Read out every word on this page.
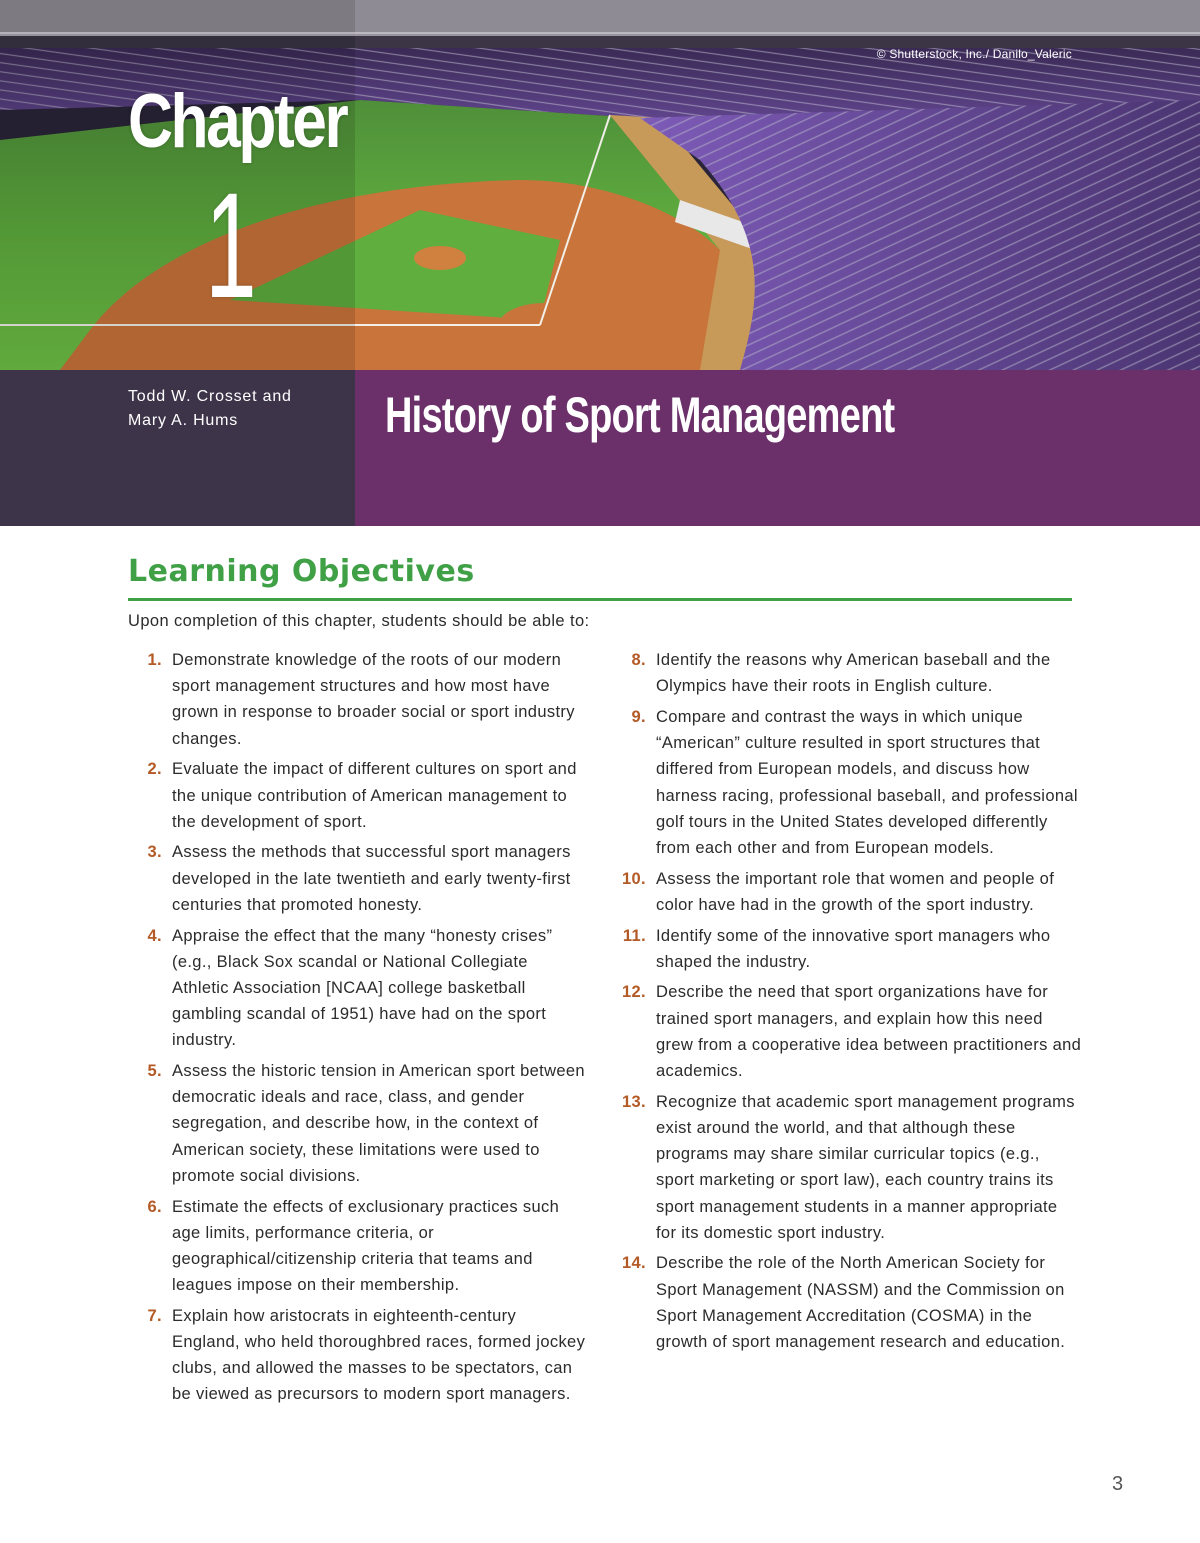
© Shutterstock, Inc./ Danilo_Valeric
Chapter
1
Todd W. Crosset and
Mary A. Hums	History of Sport Management
Learning Objectives

Upon completion of this chapter, students should be able to:

1. Demonstrate knowledge of the roots of our modern sport management structures and how most have grown in response to broader social or sport industry changes.
2. Evaluate the impact of different cultures on sport and the unique contribution of American management to the development of sport.
3. Assess the methods that successful sport managers developed in the late twentieth and early twenty-first centuries that promoted honesty.
4. Appraise the effect that the many “honesty crises” (e.g., Black Sox scandal or National Collegiate Athletic Association [NCAA] college basketball gambling scandal of 1951) have had on the sport industry.
5. Assess the historic tension in American sport between democratic ideals and race, class, and gender segregation, and describe how, in the context of American society, these limitations were used to promote social divisions.
6. Estimate the effects of exclusionary practices such age limits, performance criteria, or geographical/citizenship criteria that teams and leagues impose on their membership.
7. Explain how aristocrats in eighteenth-century England, who held thoroughbred races, formed jockey clubs, and allowed the masses to be spectators, can be viewed as precursors to modern sport managers.
8. Identify the reasons why American baseball and the Olympics have their roots in English culture.
9. Compare and contrast the ways in which unique “American” culture resulted in sport structures that differed from European models, and discuss how harness racing, professional baseball, and professional golf tours in the United States developed differently from each other and from European models.
10. Assess the important role that women and people of color have had in the growth of the sport industry.
11. Identify some of the innovative sport managers who shaped the industry.
12. Describe the need that sport organizations have for trained sport managers, and explain how this need grew from a cooperative idea between practitioners and academics.
13. Recognize that academic sport management programs exist around the world, and that although these programs may share similar curricular topics (e.g., sport marketing or sport law), each country trains its sport management students in a manner appropriate for its domestic sport industry.
14. Describe the role of the North American Society for Sport Management (NASSM) and the Commission on Sport Management Accreditation (COSMA) in the growth of sport management research and education.
3
